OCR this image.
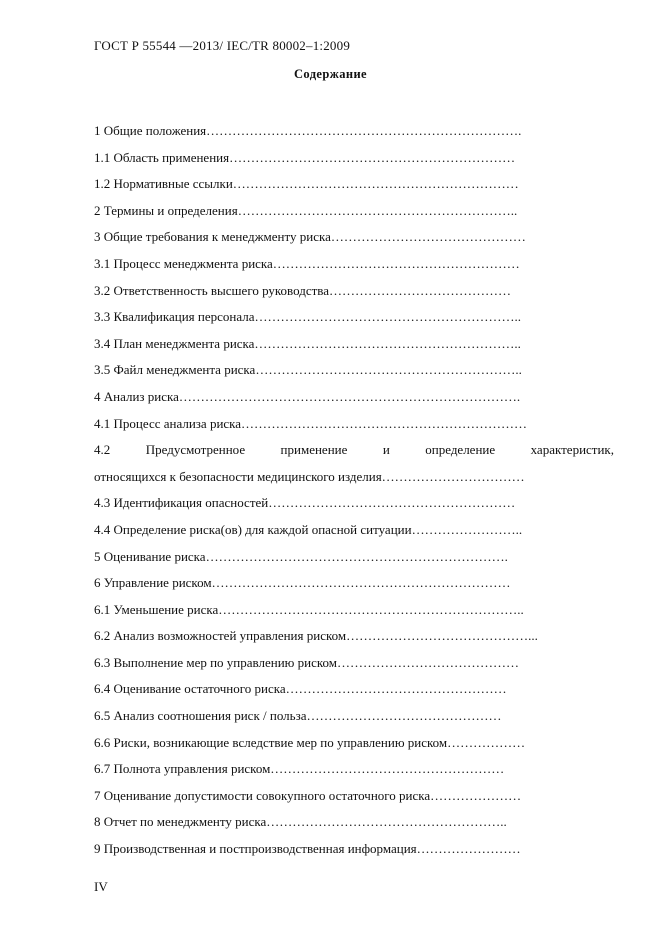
ГОСТ Р 55544 —2013/ IEC/TR 80002–1:2009
Содержание
1 Общие положения……………………………………………………………….
1.1 Область применения…………………………………………………………
1.2 Нормативные ссылки…………………………………………………………
2 Термины и определения………………………………………………………..
3 Общие требования к менеджменту риска………………………………………
3.1 Процесс менеджмента риска…………………………………………………
3.2 Ответственность высшего руководства……………………………………
3.3 Квалификация персонала……………………………………………………..
3.4 План менеджмента риска……………………………………………………..
3.5 Файл менеджмента риска……………………………………………………..
4 Анализ риска…………………………………………………………………….
4.1 Процесс анализа риска…………………………………………………………
4.2 Предусмотренное применение и определение характеристик,
относящихся к безопасности медицинского изделия……………………………
4.3 Идентификация опасностей…………………………………………………
4.4 Определение риска(ов) для каждой опасной ситуации……………………..
5 Оценивание риска…………………………………………………………….
6 Управление риском……………………………………………………………
6.1 Уменьшение риска……………………………………………………………..
6.2 Анализ возможностей управления риском……………………………………...
6.3 Выполнение мер по управлению риском……………………………………
6.4 Оценивание остаточного риска……………………………………………
6.5 Анализ соотношения риск / польза………………………………………
6.6 Риски, возникающие вследствие мер по управлению риском………………
6.7 Полнота управления риском………………………………………………
7 Оценивание допустимости совокупного остаточного риска…………………
8 Отчет по менеджменту риска………………………………………………..
9 Производственная и постпроизводственная информация……………………
IV
